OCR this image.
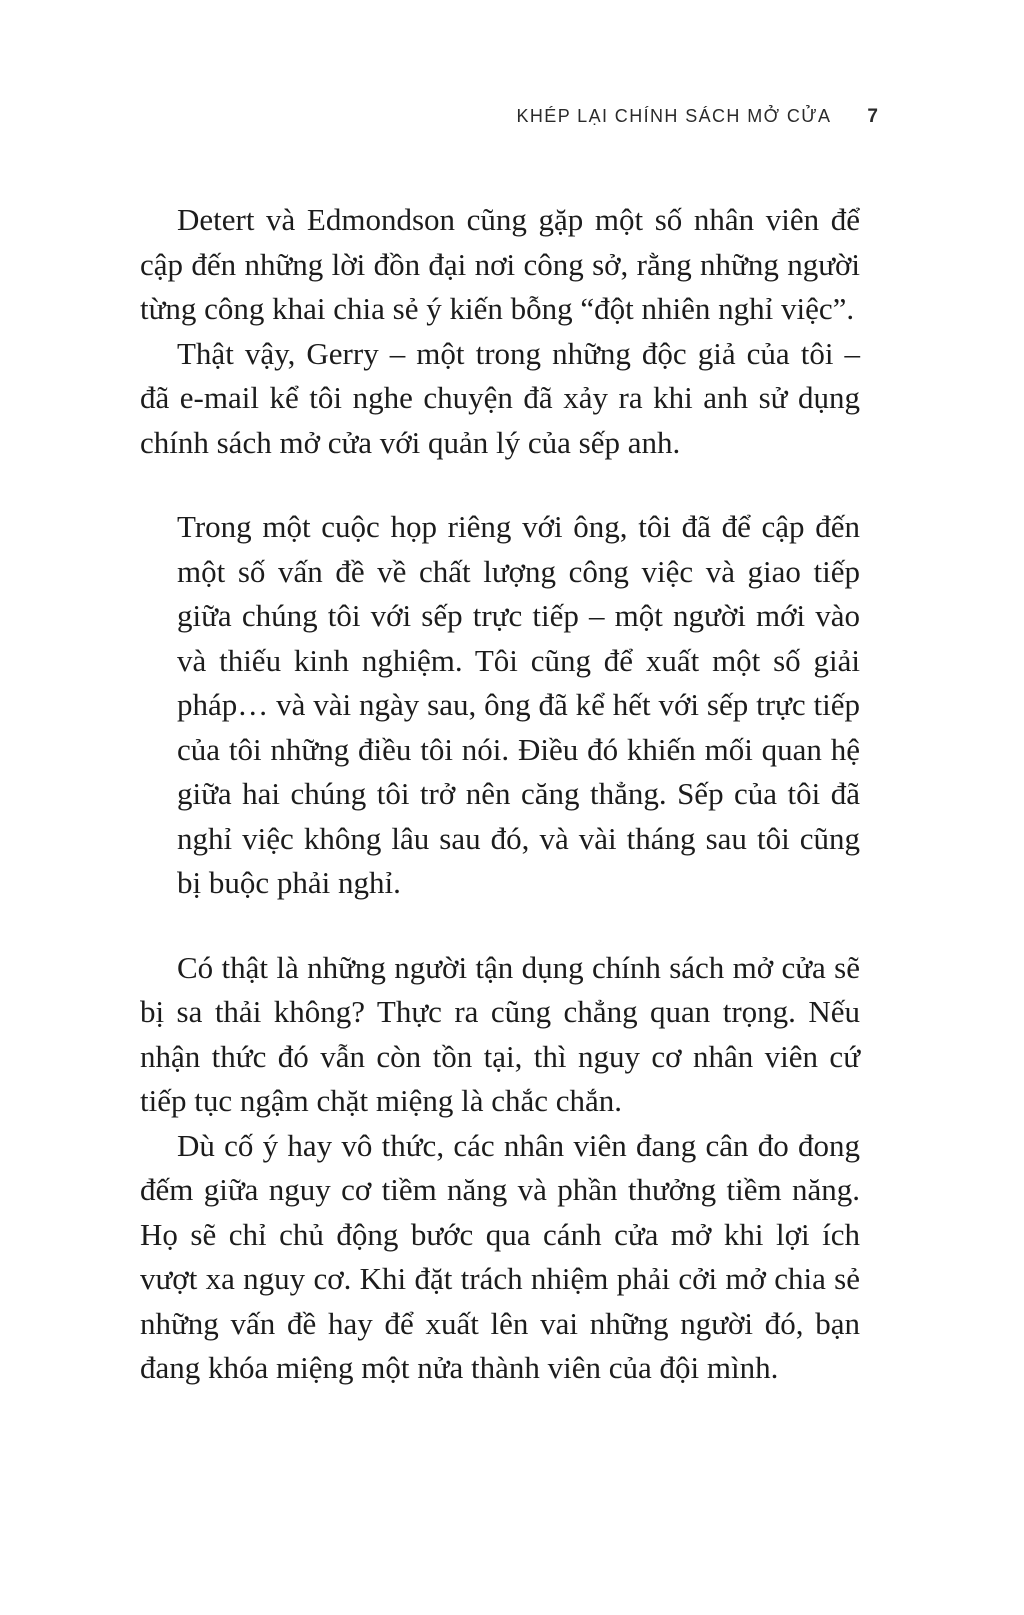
KHÉP LẠI CHÍNH SÁCH MỞ CỬA 7

Detert và Edmondson cũng gặp một số nhân viên để cập đến những lời đồn đại nơi công sở, rằng những người từng công khai chia sẻ ý kiến bỗng “đột nhiên nghỉ việc”.

Thật vậy, Gerry – một trong những độc giả của tôi – đã e-mail kể tôi nghe chuyện đã xảy ra khi anh sử dụng chính sách mở cửa với quản lý của sếp anh.

Trong một cuộc họp riêng với ông, tôi đã để cập đến một số vấn đề về chất lượng công việc và giao tiếp giữa chúng tôi với sếp trực tiếp – một người mới vào và thiếu kinh nghiệm. Tôi cũng để xuất một số giải pháp… và vài ngày sau, ông đã kể hết với sếp trực tiếp của tôi những điều tôi nói. Điều đó khiến mối quan hệ giữa hai chúng tôi trở nên căng thẳng. Sếp của tôi đã nghỉ việc không lâu sau đó, và vài tháng sau tôi cũng bị buộc phải nghỉ.

Có thật là những người tận dụng chính sách mở cửa sẽ bị sa thải không? Thực ra cũng chẳng quan trọng. Nếu nhận thức đó vẫn còn tồn tại, thì nguy cơ nhân viên cứ tiếp tục ngậm chặt miệng là chắc chắn.

Dù cố ý hay vô thức, các nhân viên đang cân đo đong đếm giữa nguy cơ tiềm năng và phần thưởng tiềm năng. Họ sẽ chỉ chủ động bước qua cánh cửa mở khi lợi ích vượt xa nguy cơ. Khi đặt trách nhiệm phải cởi mở chia sẻ những vấn đề hay để xuất lên vai những người đó, bạn đang khóa miệng một nửa thành viên của đội mình.
